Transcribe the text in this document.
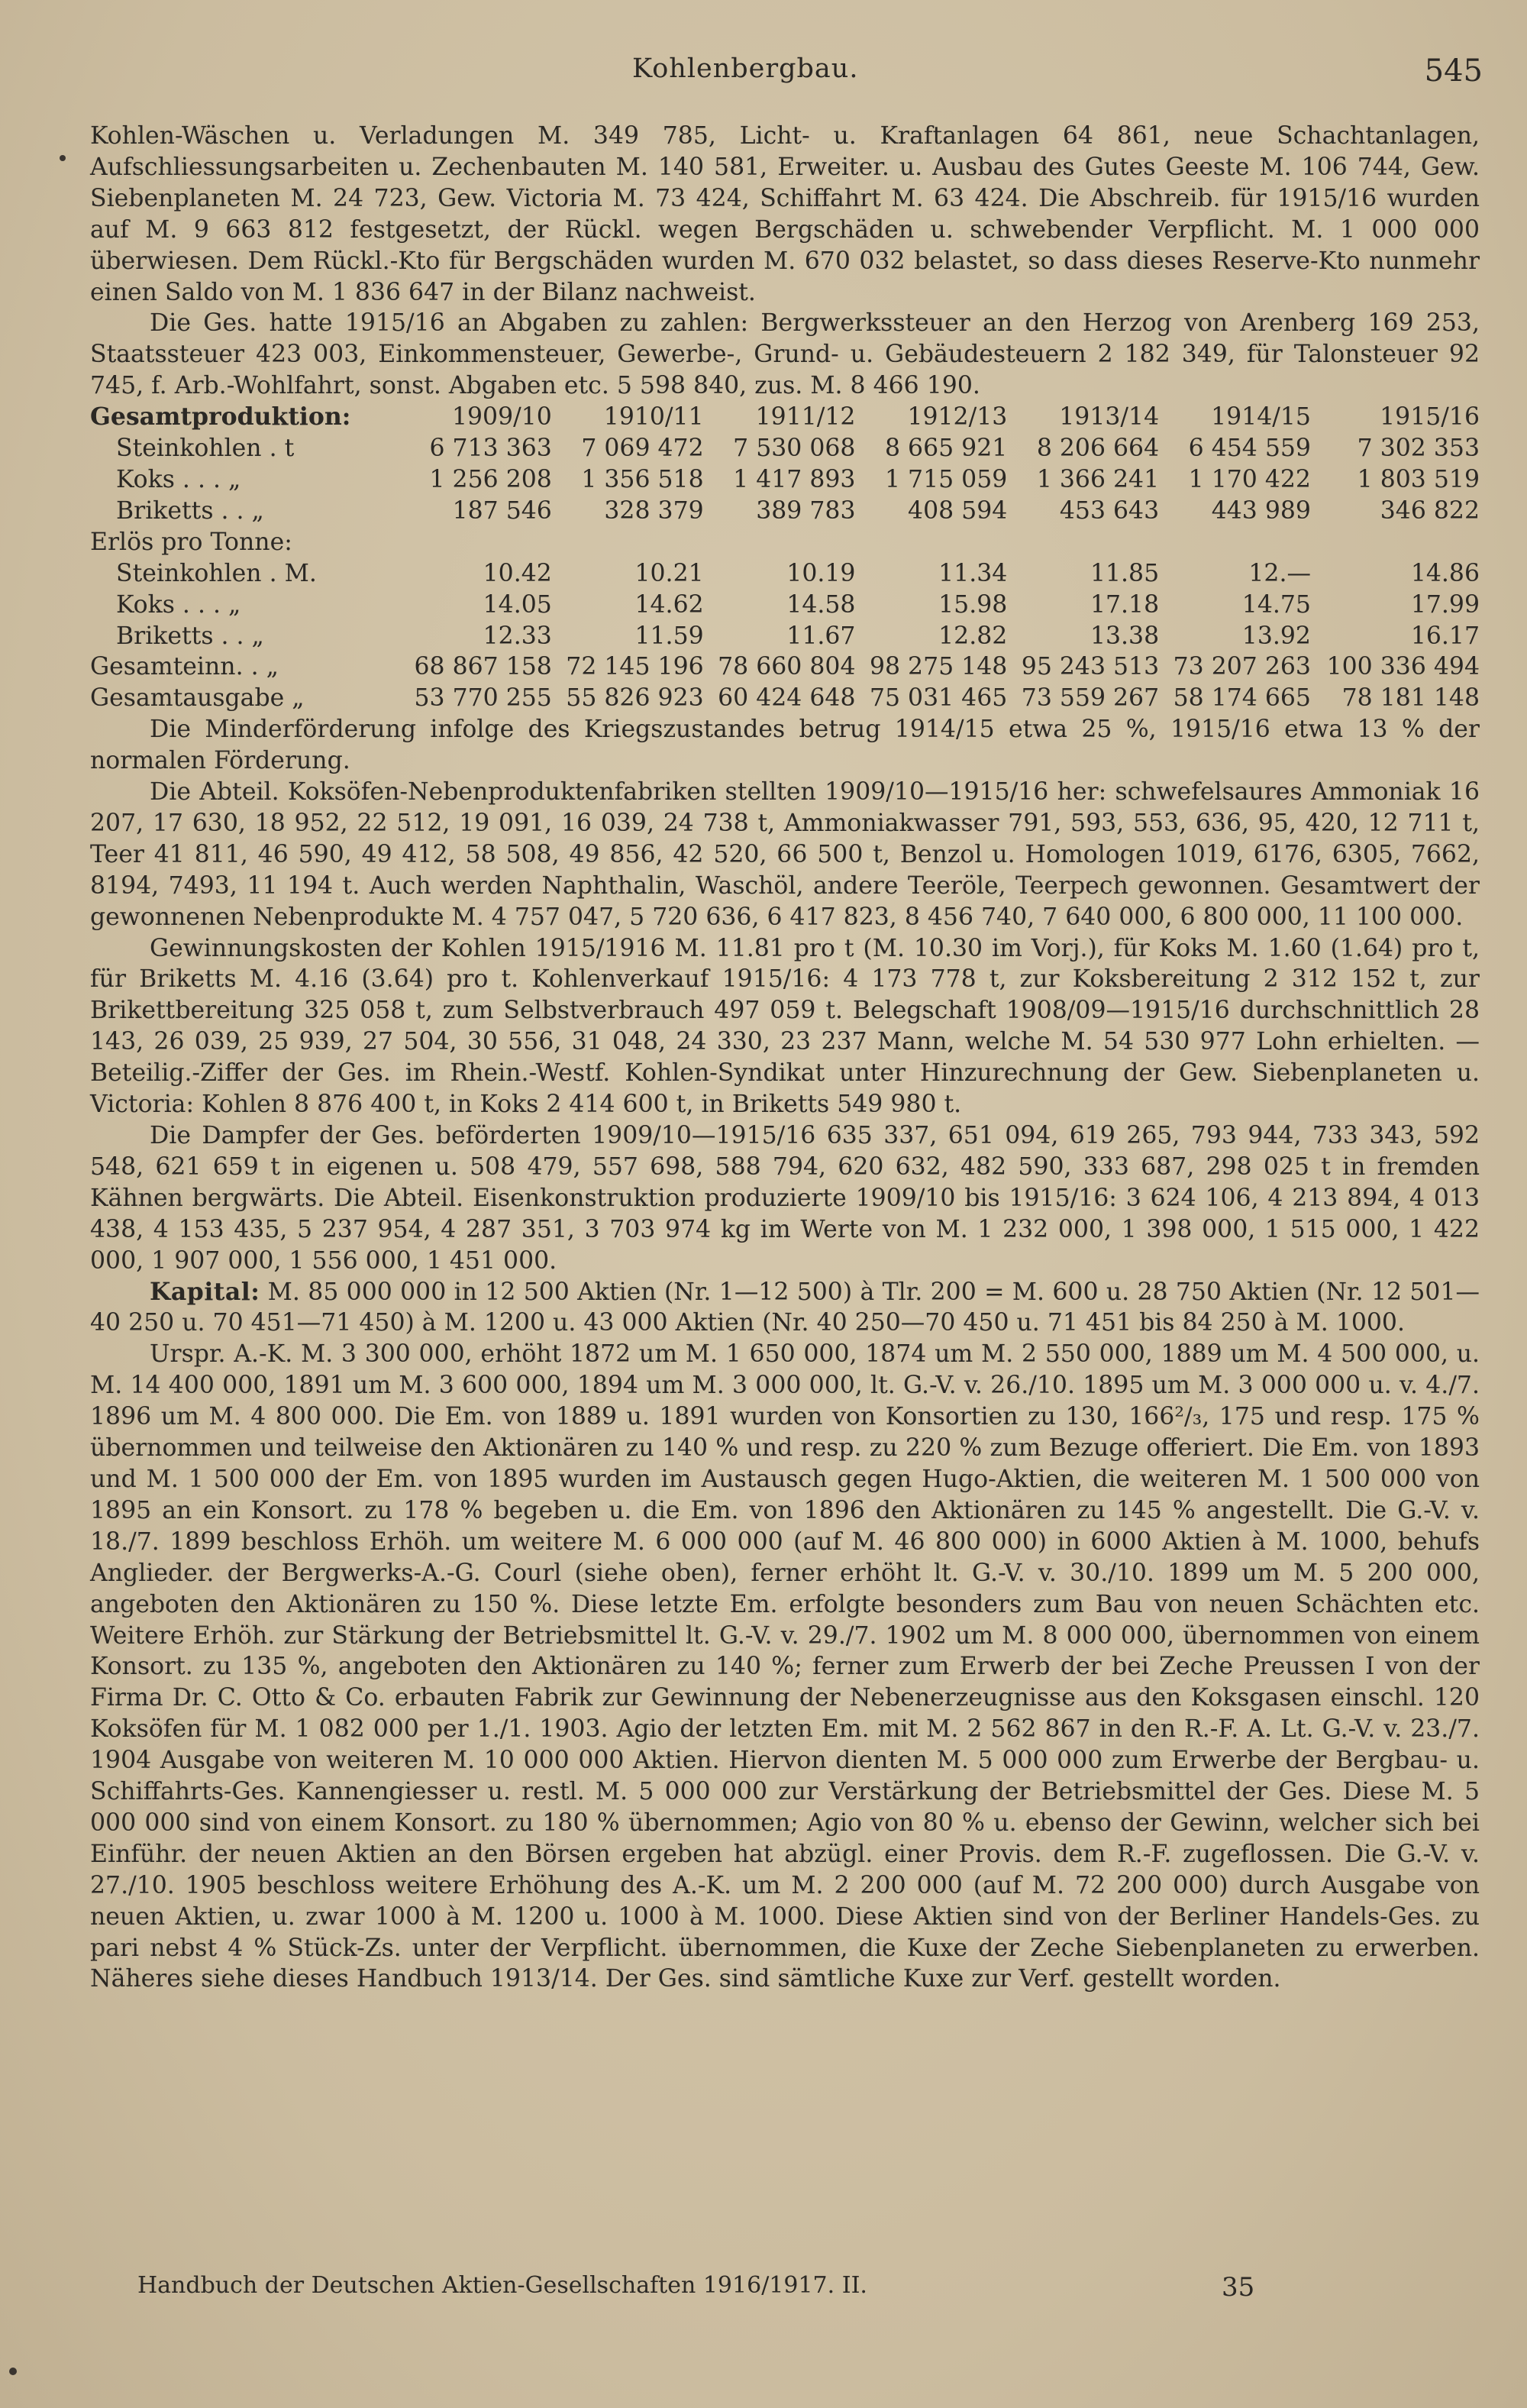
Kohlenbergbau.	545

Kohlen-Wäschen u. Verladungen M. 349 785, Licht- u. Kraftanlagen 64 861, neue Schachtanlagen, Aufschliessungsarbeiten u. Zechenbauten M. 140 581, Erweiter. u. Ausbau des Gutes Geeste M. 106 744, Gew. Siebenplaneten M. 24 723, Gew. Victoria M. 73 424, Schiffahrt M. 63 424. Die Abschreib. für 1915/16 wurden auf M. 9 663 812 festgesetzt, der Rückl. wegen Bergschäden u. schwebender Verpflicht. M. 1 000 000 überwiesen. Dem Rückl.-Kto für Bergschäden wurden M. 670 032 belastet, so dass dieses Reserve-Kto nunmehr einen Saldo von M. 1 836 647 in der Bilanz nachweist.

Die Ges. hatte 1915/16 an Abgaben zu zahlen: Bergwerkssteuer an den Herzog von Arenberg 169 253, Staatssteuer 423 003, Einkommensteuer, Gewerbe-, Grund- u. Gebäudesteuern 2 182 349, für Talonsteuer 92 745, f. Arb.-Wohlfahrt, sonst. Abgaben etc. 5 598 840, zus. M. 8 466 190.

Gesamtproduktion:	1909/10	1910/11	1911/12	1912/13	1913/14	1914/15	1915/16
Steinkohlen . t	6 713 363	7 069 472	7 530 068	8 665 921	8 206 664	6 454 559	7 302 353
Koks . . . „	1 256 208	1 356 518	1 417 893	1 715 059	1 366 241	1 170 422	1 803 519
Briketts . . „	187 546	328 379	389 783	408 594	453 643	443 989	346 822
Erlös pro Tonne:							
Steinkohlen . M.	10.42	10.21	10.19	11.34	11.85	12.—	14.86
Koks . . . „	14.05	14.62	14.58	15.98	17.18	14.75	17.99
Briketts . . „	12.33	11.59	11.67	12.82	13.38	13.92	16.17
Gesamteinn. . „	68 867 158	72 145 196	78 660 804	98 275 148	95 243 513	73 207 263	100 336 494
Gesamtausgabe „	53 770 255	55 826 923	60 424 648	75 031 465	73 559 267	58 174 665	78 181 148

Die Minderförderung infolge des Kriegszustandes betrug 1914/15 etwa 25 %, 1915/16 etwa 13 % der normalen Förderung.

Die Abteil. Koksöfen-Nebenproduktenfabriken stellten 1909/10—1915/16 her: schwefelsaures Ammoniak 16 207, 17 630, 18 952, 22 512, 19 091, 16 039, 24 738 t, Ammoniakwasser 791, 593, 553, 636, 95, 420, 12 711 t, Teer 41 811, 46 590, 49 412, 58 508, 49 856, 42 520, 66 500 t, Benzol u. Homologen 1019, 6176, 6305, 7662, 8194, 7493, 11 194 t. Auch werden Naphthalin, Waschöl, andere Teeröle, Teerpech gewonnen. Gesamtwert der gewonnenen Nebenprodukte M. 4 757 047, 5 720 636, 6 417 823, 8 456 740, 7 640 000, 6 800 000, 11 100 000.

Gewinnungskosten der Kohlen 1915/1916 M. 11.81 pro t (M. 10.30 im Vorj.), für Koks M. 1.60 (1.64) pro t, für Briketts M. 4.16 (3.64) pro t. Kohlenverkauf 1915/16: 4 173 778 t, zur Koksbereitung 2 312 152 t, zur Brikettbereitung 325 058 t, zum Selbstverbrauch 497 059 t. Belegschaft 1908/09—1915/16 durchschnittlich 28 143, 26 039, 25 939, 27 504, 30 556, 31 048, 24 330, 23 237 Mann, welche M. 54 530 977 Lohn erhielten. — Beteilig.-Ziffer der Ges. im Rhein.-Westf. Kohlen-Syndikat unter Hinzurechnung der Gew. Siebenplaneten u. Victoria: Kohlen 8 876 400 t, in Koks 2 414 600 t, in Briketts 549 980 t.

Die Dampfer der Ges. beförderten 1909/10—1915/16 635 337, 651 094, 619 265, 793 944, 733 343, 592 548, 621 659 t in eigenen u. 508 479, 557 698, 588 794, 620 632, 482 590, 333 687, 298 025 t in fremden Kähnen bergwärts. Die Abteil. Eisenkonstruktion produzierte 1909/10 bis 1915/16: 3 624 106, 4 213 894, 4 013 438, 4 153 435, 5 237 954, 4 287 351, 3 703 974 kg im Werte von M. 1 232 000, 1 398 000, 1 515 000, 1 422 000, 1 907 000, 1 556 000, 1 451 000.

Kapital: M. 85 000 000 in 12 500 Aktien (Nr. 1—12 500) à Tlr. 200 = M. 600 u. 28 750 Aktien (Nr. 12 501—40 250 u. 70 451—71 450) à M. 1200 u. 43 000 Aktien (Nr. 40 250—70 450 u. 71 451 bis 84 250 à M. 1000.

Urspr. A.-K. M. 3 300 000, erhöht 1872 um M. 1 650 000, 1874 um M. 2 550 000, 1889 um M. 4 500 000, u. M. 14 400 000, 1891 um M. 3 600 000, 1894 um M. 3 000 000, lt. G.-V. v. 26./10. 1895 um M. 3 000 000 u. v. 4./7. 1896 um M. 4 800 000. Die Em. von 1889 u. 1891 wurden von Konsortien zu 130, 166²/₃, 175 und resp. 175 % übernommen und teilweise den Aktionären zu 140 % und resp. zu 220 % zum Bezuge offeriert. Die Em. von 1893 und M. 1 500 000 der Em. von 1895 wurden im Austausch gegen Hugo-Aktien, die weiteren M. 1 500 000 von 1895 an ein Konsort. zu 178 % begeben u. die Em. von 1896 den Aktionären zu 145 % angestellt. Die G.-V. v. 18./7. 1899 beschloss Erhöh. um weitere M. 6 000 000 (auf M. 46 800 000) in 6000 Aktien à M. 1000, behufs Anglieder. der Bergwerks-A.-G. Courl (siehe oben), ferner erhöht lt. G.-V. v. 30./10. 1899 um M. 5 200 000, angeboten den Aktionären zu 150 %. Diese letzte Em. erfolgte besonders zum Bau von neuen Schächten etc. Weitere Erhöh. zur Stärkung der Betriebsmittel lt. G.-V. v. 29./7. 1902 um M. 8 000 000, übernommen von einem Konsort. zu 135 %, angeboten den Aktionären zu 140 %; ferner zum Erwerb der bei Zeche Preussen I von der Firma Dr. C. Otto & Co. erbauten Fabrik zur Gewinnung der Nebenerzeugnisse aus den Koksgasen einschl. 120 Koksöfen für M. 1 082 000 per 1./1. 1903. Agio der letzten Em. mit M. 2 562 867 in den R.-F. A. Lt. G.-V. v. 23./7. 1904 Ausgabe von weiteren M. 10 000 000 Aktien. Hiervon dienten M. 5 000 000 zum Erwerbe der Bergbau- u. Schiffahrts-Ges. Kannengiesser u. restl. M. 5 000 000 zur Verstärkung der Betriebsmittel der Ges. Diese M. 5 000 000 sind von einem Konsort. zu 180 % übernommen; Agio von 80 % u. ebenso der Gewinn, welcher sich bei Einführ. der neuen Aktien an den Börsen ergeben hat abzügl. einer Provis. dem R.-F. zugeflossen. Die G.-V. v. 27./10. 1905 beschloss weitere Erhöhung des A.-K. um M. 2 200 000 (auf M. 72 200 000) durch Ausgabe von neuen Aktien, u. zwar 1000 à M. 1200 u. 1000 à M. 1000. Diese Aktien sind von der Berliner Handels-Ges. zu pari nebst 4 % Stück-Zs. unter der Verpflicht. übernommen, die Kuxe der Zeche Siebenplaneten zu erwerben. Näheres siehe dieses Handbuch 1913/14. Der Ges. sind sämtliche Kuxe zur Verf. gestellt worden.

Handbuch der Deutschen Aktien-Gesellschaften 1916/1917. II.	35
